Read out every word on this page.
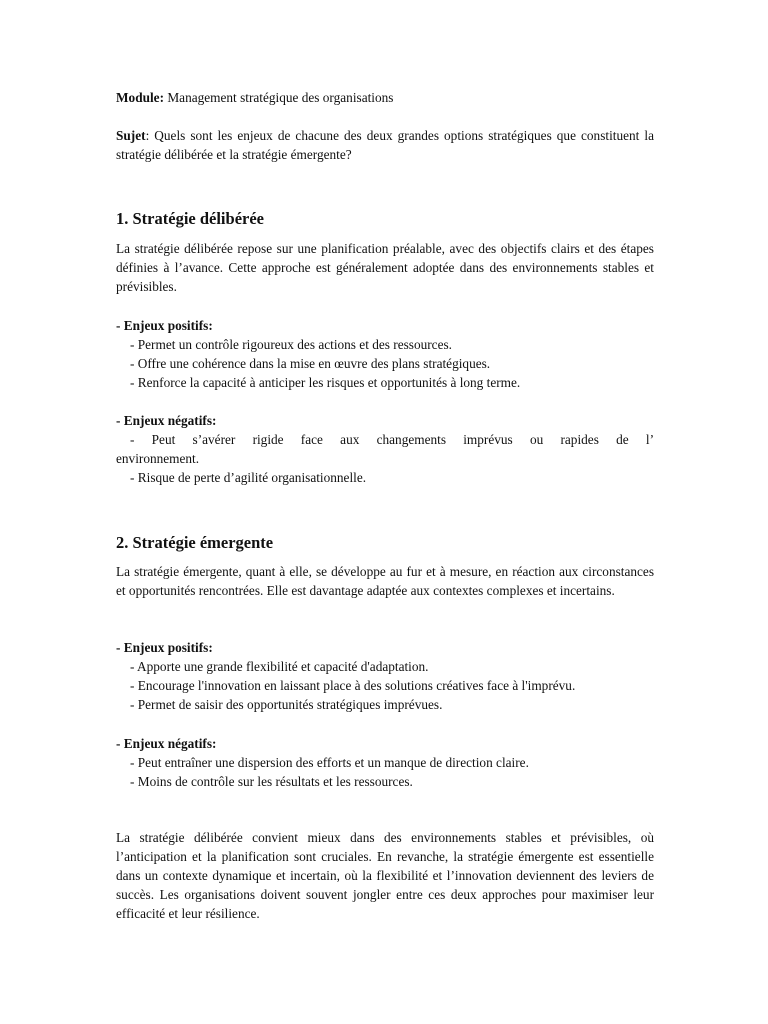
Module: Management stratégique des organisations

Sujet: Quels sont les enjeux de chacune des deux grandes options stratégiques que constituent la stratégie délibérée et la stratégie émergente?

1. Stratégie délibérée

La stratégie délibérée repose sur une planification préalable, avec des objectifs clairs et des étapes définies à l’avance. Cette approche est généralement adoptée dans des environnements stables et prévisibles.

- Enjeux positifs:
- Permet un contrôle rigoureux des actions et des ressources.
- Offre une cohérence dans la mise en œuvre des plans stratégiques.
- Renforce la capacité à anticiper les risques et opportunités à long terme.
- Enjeux négatifs:
- Peut s’avérer rigide face aux changements imprévus ou rapides de l’
environnement.
- Risque de perte d’agilité organisationnelle.
2. Stratégie émergente

La stratégie émergente, quant à elle, se développe au fur et à mesure, en réaction aux circonstances et opportunités rencontrées. Elle est davantage adaptée aux contextes complexes et incertains.

- Enjeux positifs:
- Apporte une grande flexibilité et capacité d'adaptation.
- Encourage l'innovation en laissant place à des solutions créatives face à l'imprévu.
- Permet de saisir des opportunités stratégiques imprévues.
- Enjeux négatifs:
- Peut entraîner une dispersion des efforts et un manque de direction claire.
- Moins de contrôle sur les résultats et les ressources.

La stratégie délibérée convient mieux dans des environnements stables et prévisibles, où l’anticipation et la planification sont cruciales. En revanche, la stratégie émergente est essentielle dans un contexte dynamique et incertain, où la flexibilité et l’innovation deviennent des leviers de succès. Les organisations doivent souvent jongler entre ces deux approches pour maximiser leur efficacité et leur résilience.
